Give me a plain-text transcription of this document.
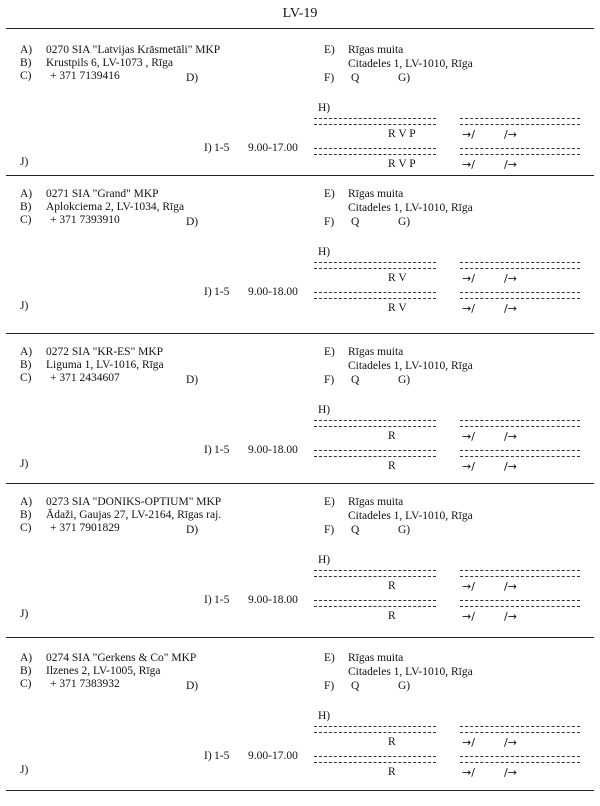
LV-19
A) 0270 SIA "Latvijas Krāsmetāli" MKP
B) Krustpils 6, LV-1073 , Rīga
C) + 371 7139416	D)
E) Rīgas muita
Citadeles 1, LV-1010, Rīga
F) Q	G)
H)
I) 1-5 9.00-17.00
J)
R V P	→/	/→
R V P	→/	/→
A) 0271 SIA "Grand" MKP
B) Aplokciema 2, LV-1034, Rīga
C) + 371 7393910	D)
E) Rīgas muita
Citadeles 1, LV-1010, Rīga
F) Q	G)
H)
I) 1-5 9.00-18.00
J)
R V	→/	/→
R V	→/	/→
A) 0272 SIA "KR-ES" MKP
B) Liguma 1, LV-1016, Rīga
C) + 371 2434607	D)
E) Rīgas muita
Citadeles 1, LV-1010, Rīga
F) Q	G)
H)
I) 1-5 9.00-18.00
J)
R	→/	/→
R	→/	/→
A) 0273 SIA "DONIKS-OPTIUM" MKP
B) Ādaži, Gaujas 27, LV-2164, Rīgas raj.
C) + 371 7901829	D)
E) Rīgas muita
Citadeles 1, LV-1010, Rīga
F) Q	G)
H)
I) 1-5 9.00-18.00
J)
R	→/	/→
R	→/	/→
A) 0274 SIA "Gerkens & Co" MKP
B) Ilzenes 2, LV-1005, Rīga
C) + 371 7383932	D)
E) Rīgas muita
Citadeles 1, LV-1010, Rīga
F) Q	G)
H)
I) 1-5 9.00-17.00
J)
R	→/	/→
R	→/	/→
